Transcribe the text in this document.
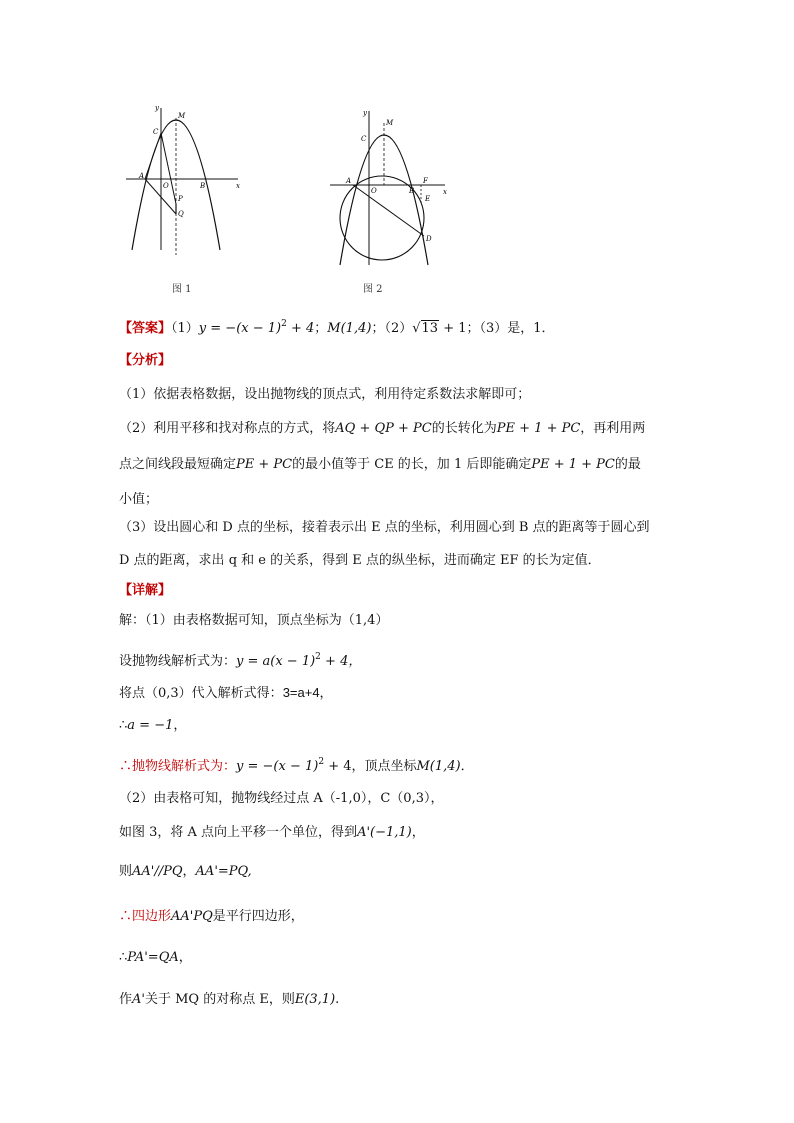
y
x
M
C
A
O	B
P
Q
图 1
y
x
M
C
A
O	B
F
E
D
图 2
【答案】$(1)y = -(x - 1)^2 + 4$；M(1,4)；（2）√13 + 1；（3）是，1．
【分析】
（1）依据表格数据，设出抛物线的顶点式，利用待定系数法求解即可；
（2）利用平移和找对称点的方式，将AQ + QP + PC的长转化为PE + 1 + PC，再利用两
点之间线段最短确定PE + PC的最小值等于 CE 的长，加 1 后即能确定PE + 1 + PC的最
小值；
（3）设出圆心和 D 点的坐标，接着表示出 E 点的坐标，利用圆心到 B 点的距离等于圆心到
D 点的距离，求出 q 和 e 的关系，得到 E 点的纵坐标，进而确定 EF 的长为定值．
【详解】
解：（1）由表格数据可知，顶点坐标为（1,4）
设抛物线解析式为：$y = a(x - 1)^2 + 4$，
将点（0,3）代入解析式得：3=a+4，
∴a = −1，
∴抛物线解析式为：$y = -(x - 1)^2 + 4$，顶点坐标M(1,4)．
（2）由表格可知，抛物线经过点 A（-1,0），C（0,3），
如图 3，将 A 点向上平移一个单位，得到A'(−1,1)，
则AA'//PQ，AA'=PQ,
∴四边形AA'PQ是平行四边形，
∴PA'=QA，
作A'关于 MQ 的对称点 E，则E(3,1).
